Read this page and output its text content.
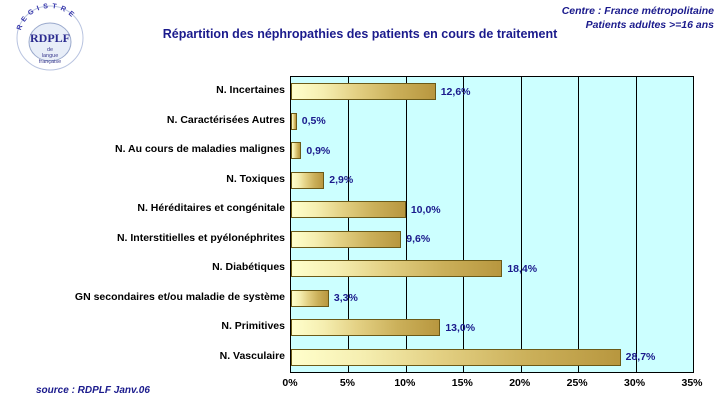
R E G I S T R E
RDPLF
de
langue
française
Centre : France métropolitaine
Patients adultes >=16 ans
Répartition des néphropathies des patients en cours de traitement
N. Incertaines
N. Caractérisées Autres
N. Au cours de maladies malignes
N. Toxiques
N. Héréditaires et congénitale
N. Interstitielles et pyélonéphrites
N. Diabétiques
GN secondaires et/ou maladie de système
N. Primitives
N. Vasculaire
12,6%
0,5%
0,9%
2,9%
10,0%
9,6%
18,4%
3,3%
13,0%
28,7%
0%	5%	10%	15%	20%	25%	30%	35%
source : RDPLF Janv.06
